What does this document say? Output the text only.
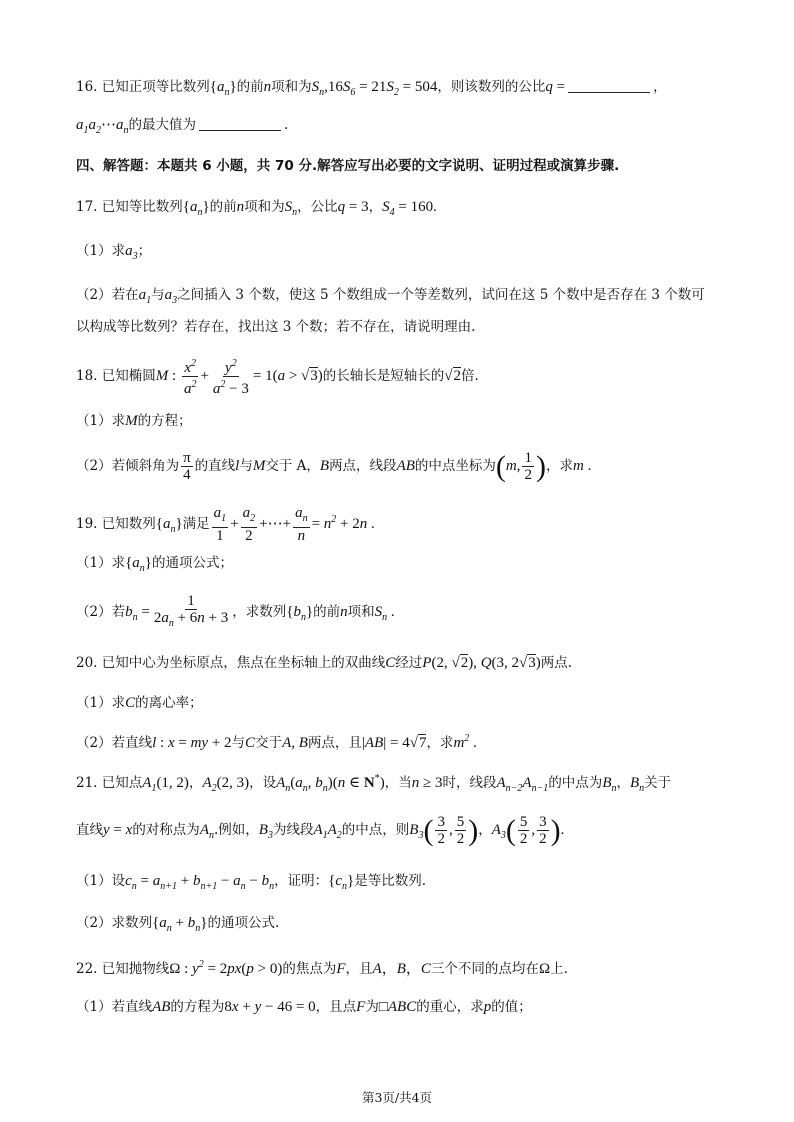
16. 已知正项等比数列$\{a_n\}$的前n项和为$S_n,16S_6 = 21S_2 = 504$，则该数列的公比q =	，
$a_1a_2\cdots a_n$的最大值为	.
四、解答题：本题共 6 小题，共 70 分.解答应写出必要的文字说明、证明过程或演算步骤.
17. 已知等比数列$\{a_n\}$的前n项和为$S_n$，公比q = 3，$S_4 = 160$.
（1）求$a_3$；
（2）若在$a_1$与$a_3$之间插入 3 个数，使这 5 个数组成一个等差数列，试问在这 5 个数中是否存在 3 个数可
以构成等比数列？若存在，找出这 3 个数；若不存在，请说明理由.
18. 已知椭圆M : $\frac{x^2}{a^2} + \frac{y^2}{a^2 - 3} = 1(a > √3)$的长轴长是短轴长的√2倍.
（1）求M的方程；
（2）若倾斜角为 $\frac{\pi}{4}$ 的直线l与M交于 A，B两点，线段AB的中点坐标为(m, $\frac{1}{2}$ )，求m .
19. 已知数列$\{a_n\}$满足 $\frac{a_1}{1} + \frac{a_2}{2}$ +⋯+ $\frac{a_n}{n} = n^2 + 2n$ .
（1）求$\{a_n\}$的通项公式；
（2）若$b_n = \frac{1}{2a_n + 6n + 3}$ ，求数列$\{b_n\}$的前n项和$S_n$ .
20. 已知中心为坐标原点，焦点在坐标轴上的双曲线C经过P(2, √2), Q(3, 2√3)两点.
（1）求C的离心率；
（2）若直线l : x = my + 2与C交于A, B两点，且|AB| = 4√7，求$m^2$ .
21. 已知点$A_1(1$, 2)，$A_2(2$, 3)，设$A_n(a_n$, $b_n)(n$ ∈ N*)，当n ≥ 3时，线段$A_{n-2}A_{n-1}$的中点为$B_n$，$B_n$关于
直线y = x的对称点为$A_n$.例如，$B_3$为线段$A_1A_2$的中点，则$B_3( \frac{3}{2}$ , $\frac{5}{2}$ )，$A_3( \frac{5}{2}$ , $\frac{3}{2}$ ).
（1）设$c_n = a_{n+1} + b_{n+1} - a_n - b_n$，证明：$\{c_n\}$是等比数列.
（2）求数列$\{a_n + b_n\}$的通项公式.
22. 已知抛物线Ω : $y^2 = 2px(p > 0)$的焦点为F，且A，B，C三个不同的点均在Ω上.
（1）若直线AB的方程为8x + y − 46 = 0，且点F为□ABC的重心，求p的值；
第3页/共4页
